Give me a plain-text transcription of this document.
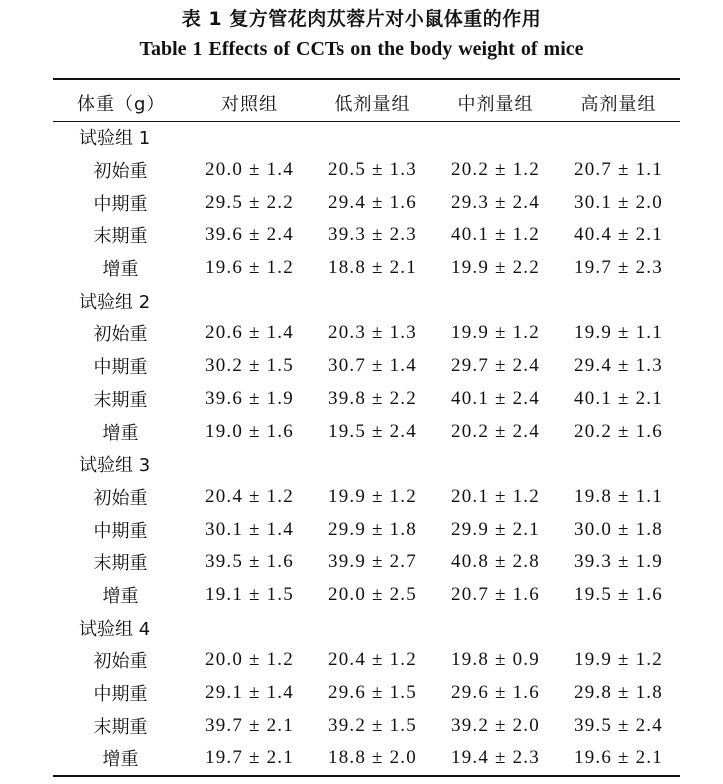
表 1 复方管花肉苁蓉片对小鼠体重的作用
Table 1 Effects of CCTs on the body weight of mice
体重（g）	对照组	低剂量组	中剂量组	高剂量组
试验组 1				
初始重	20.0 ± 1.4	20.5 ± 1.3	20.2 ± 1.2	20.7 ± 1.1
中期重	29.5 ± 2.2	29.4 ± 1.6	29.3 ± 2.4	30.1 ± 2.0
末期重	39.6 ± 2.4	39.3 ± 2.3	40.1 ± 1.2	40.4 ± 2.1
增重	19.6 ± 1.2	18.8 ± 2.1	19.9 ± 2.2	19.7 ± 2.3
试验组 2				
初始重	20.6 ± 1.4	20.3 ± 1.3	19.9 ± 1.2	19.9 ± 1.1
中期重	30.2 ± 1.5	30.7 ± 1.4	29.7 ± 2.4	29.4 ± 1.3
末期重	39.6 ± 1.9	39.8 ± 2.2	40.1 ± 2.4	40.1 ± 2.1
增重	19.0 ± 1.6	19.5 ± 2.4	20.2 ± 2.4	20.2 ± 1.6
试验组 3				
初始重	20.4 ± 1.2	19.9 ± 1.2	20.1 ± 1.2	19.8 ± 1.1
中期重	30.1 ± 1.4	29.9 ± 1.8	29.9 ± 2.1	30.0 ± 1.8
末期重	39.5 ± 1.6	39.9 ± 2.7	40.8 ± 2.8	39.3 ± 1.9
增重	19.1 ± 1.5	20.0 ± 2.5	20.7 ± 1.6	19.5 ± 1.6
试验组 4				
初始重	20.0 ± 1.2	20.4 ± 1.2	19.8 ± 0.9	19.9 ± 1.2
中期重	29.1 ± 1.4	29.6 ± 1.5	29.6 ± 1.6	29.8 ± 1.8
末期重	39.7 ± 2.1	39.2 ± 1.5	39.2 ± 2.0	39.5 ± 2.4
增重	19.7 ± 2.1	18.8 ± 2.0	19.4 ± 2.3	19.6 ± 2.1
